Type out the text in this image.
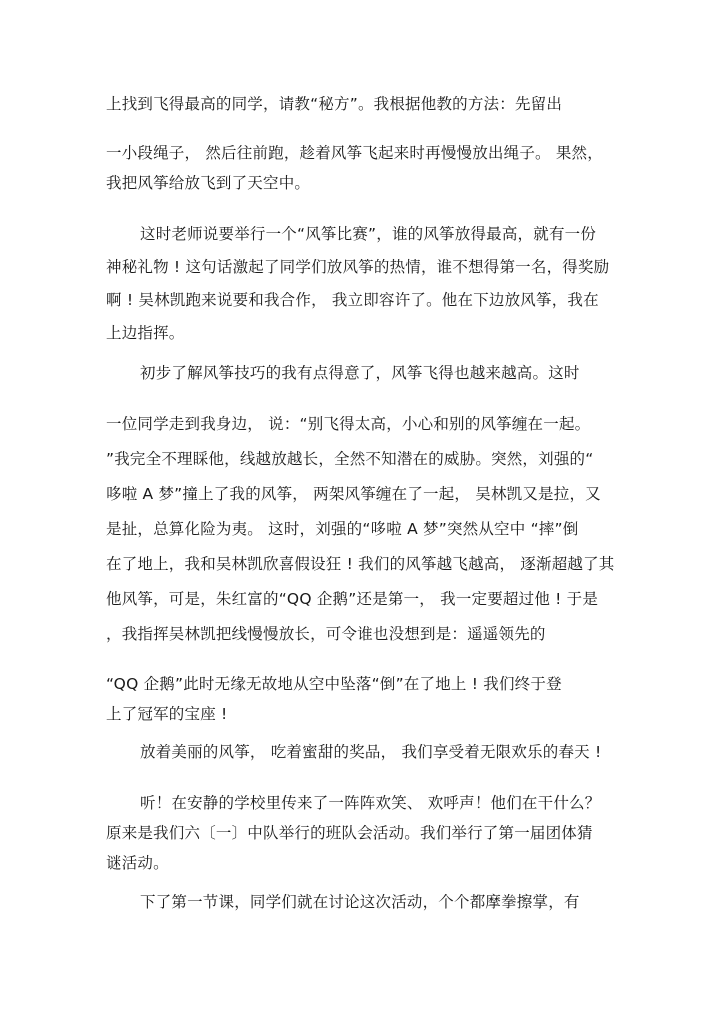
上找到飞得最高的同学，请教“秘方”。我根据他教的方法：先留出
一小段绳子， 然后往前跑，趁着风筝飞起来时再慢慢放出绳子。 果然，
我把风筝给放飞到了天空中。
这时老师说要举行一个“风筝比赛”，谁的风筝放得最高，就有一份
神秘礼物 ! 这句话激起了同学们放风筝的热情，谁不想得第一名，得奖励
啊 ! 吴林凯跑来说要和我合作， 我立即容许了。他在下边放风筝，我在
上边指挥。
初步了解风筝技巧的我有点得意了，风筝飞得也越来越高。这时
一位同学走到我身边， 说：“别飞得太高，小心和别的风筝缠在一起。
”我完全不理睬他，线越放越长，全然不知潜在的威胁。突然，刘强的“
哆啦 A 梦”撞上了我的风筝， 两架风筝缠在了一起， 吴林凯又是拉，又
是扯，总算化险为夷。 这时，刘强的“哆啦 A 梦”突然从空中 “摔”倒
在了地上，我和吴林凯欣喜假设狂 ! 我们的风筝越飞越高， 逐渐超越了其
他风筝，可是，朱红富的“QQ 企鹅”还是第一， 我一定要超过他 ! 于是
，我指挥吴林凯把线慢慢放长，可令谁也没想到是：遥遥领先的
“QQ 企鹅”此时无缘无故地从空中坠落“倒”在了地上 ! 我们终于登
上了冠军的宝座 !
放着美丽的风筝， 吃着蜜甜的奖品， 我们享受着无限欢乐的春天 !
听！在安静的学校里传来了一阵阵欢笑、 欢呼声！他们在干什么？
原来是我们六〔一〕中队举行的班队会活动。我们举行了第一届团体猜
谜活动。
下了第一节课，同学们就在讨论这次活动，个个都摩拳擦掌，有
